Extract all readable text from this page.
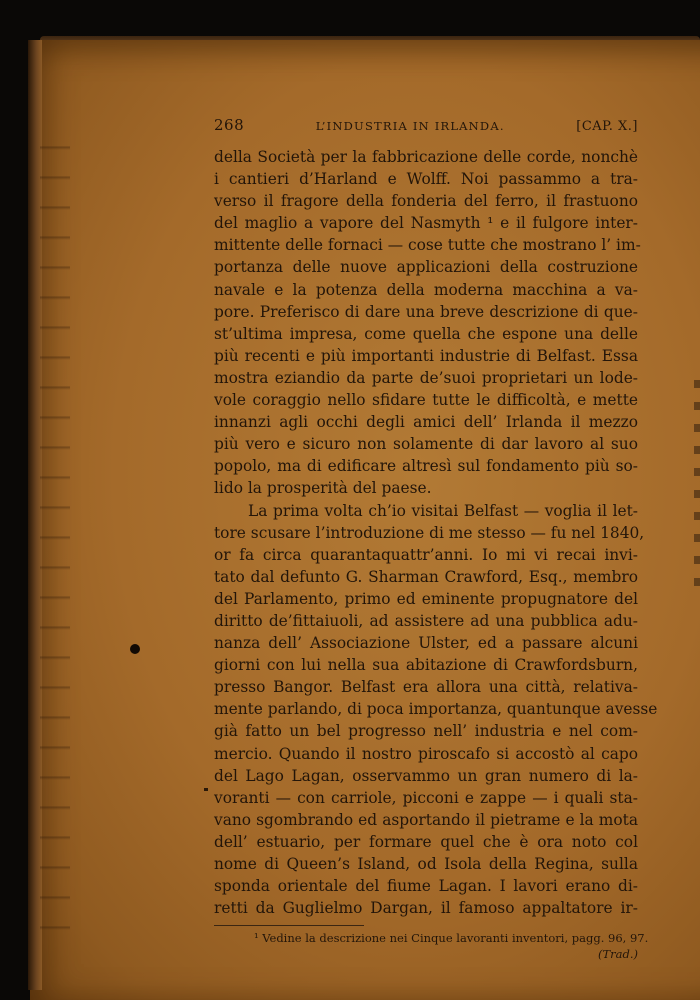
268	L’INDUSTRIA IN IRLANDA.	[CAP. X.]
della Società per la fabbricazione delle corde, nonchè
i cantieri d’Harland e Wolff. Noi passammo a tra-
verso il fragore della fonderia del ferro, il frastuono
del maglio a vapore del Nasmyth ¹ e il fulgore inter-
mittente delle fornaci — cose tutte che mostrano l’ im-
portanza delle nuove applicazioni della costruzione
navale e la potenza della moderna macchina a va-
pore. Preferisco di dare una breve descrizione di que-
st’ultima impresa, come quella che espone una delle
più recenti e più importanti industrie di Belfast. Essa
mostra eziandio da parte de’suoi proprietari un lode-
vole coraggio nello sfidare tutte le difficoltà, e mette
innanzi agli occhi degli amici dell’ Irlanda il mezzo
più vero e sicuro non solamente di dar lavoro al suo
popolo, ma di edificare altresì sul fondamento più so-
lido la prosperità del paese.
La prima volta ch’io visitai Belfast — voglia il let-
tore scusare l’introduzione di me stesso — fu nel 1840,
or fa circa quarantaquattr’anni. Io mi vi recai invi-
tato dal defunto G. Sharman Crawford, Esq., membro
del Parlamento, primo ed eminente propugnatore del
diritto de’fittaiuoli, ad assistere ad una pubblica adu-
nanza dell’ Associazione Ulster, ed a passare alcuni
giorni con lui nella sua abitazione di Crawfordsburn,
presso Bangor. Belfast era allora una città, relativa-
mente parlando, di poca importanza, quantunque avesse
già fatto un bel progresso nell’ industria e nel com-
mercio. Quando il nostro piroscafo si accostò al capo
del Lago Lagan, osservammo un gran numero di la-
voranti — con carriole, picconi e zappe — i quali sta-
vano sgombrando ed asportando il pietrame e la mota
dell’ estuario, per formare quel che è ora noto col
nome di Queen’s Island, od Isola della Regina, sulla
sponda orientale del fiume Lagan. I lavori erano di-
retti da Guglielmo Dargan, il famoso appaltatore ir-
¹ Vedine la descrizione nei Cinque lavoranti inventori, pagg. 96, 97.
(Trad.)
